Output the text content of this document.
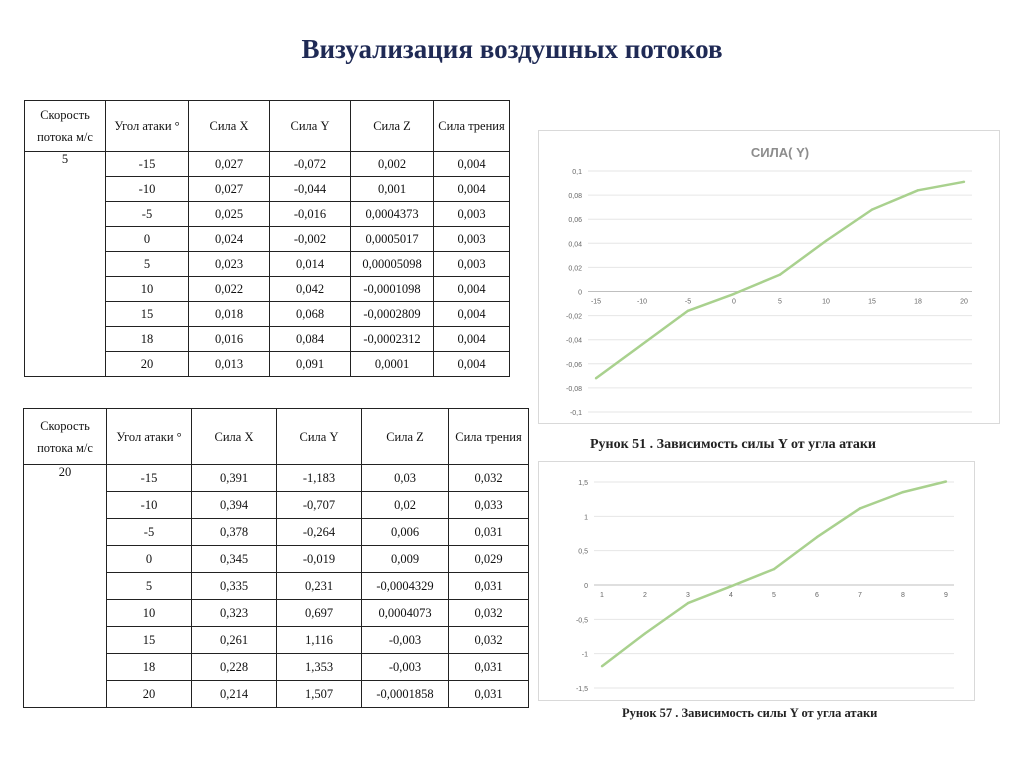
Визуализация воздушных потоков
Скорость потока м/с	Угол атаки °	Сила X	Сила Y	Сила Z	Сила трения
5	-15	0,027	-0,072	0,002	0,004
	-10	0,027	-0,044	0,001	0,004
	-5	0,025	-0,016	0,0004373	0,003
	0	0,024	-0,002	0,0005017	0,003
	5	0,023	0,014	0,00005098	0,003
	10	0,022	0,042	-0,0001098	0,004
	15	0,018	0,068	-0,0002809	0,004
	18	0,016	0,084	-0,0002312	0,004
	20	0,013	0,091	0,0001	0,004
СИЛА( Y)
0,1
0,08
0,06
0,04
0,02
0
-0,02
-0,04
-0,06
-0,08
-0,1
-15	-10	-5	0	5	10	15	18	20
Рунок 51 . Зависимость силы Y от угла атаки
Скорость потока м/с	Угол атаки °	Сила X	Сила Y	Сила Z	Сила трения
20	-15	0,391	-1,183	0,03	0,032
	-10	0,394	-0,707	0,02	0,033
	-5	0,378	-0,264	0,006	0,031
	0	0,345	-0,019	0,009	0,029
	5	0,335	0,231	-0,0004329	0,031
	10	0,323	0,697	0,0004073	0,032
	15	0,261	1,116	-0,003	0,032
	18	0,228	1,353	-0,003	0,031
	20	0,214	1,507	-0,0001858	0,031
1,5
1
0,5
0
-0,5
-1
-1,5
1	2	3	4	5	6	7	8	9
Рунок 57 . Зависимость силы Y от угла атаки
